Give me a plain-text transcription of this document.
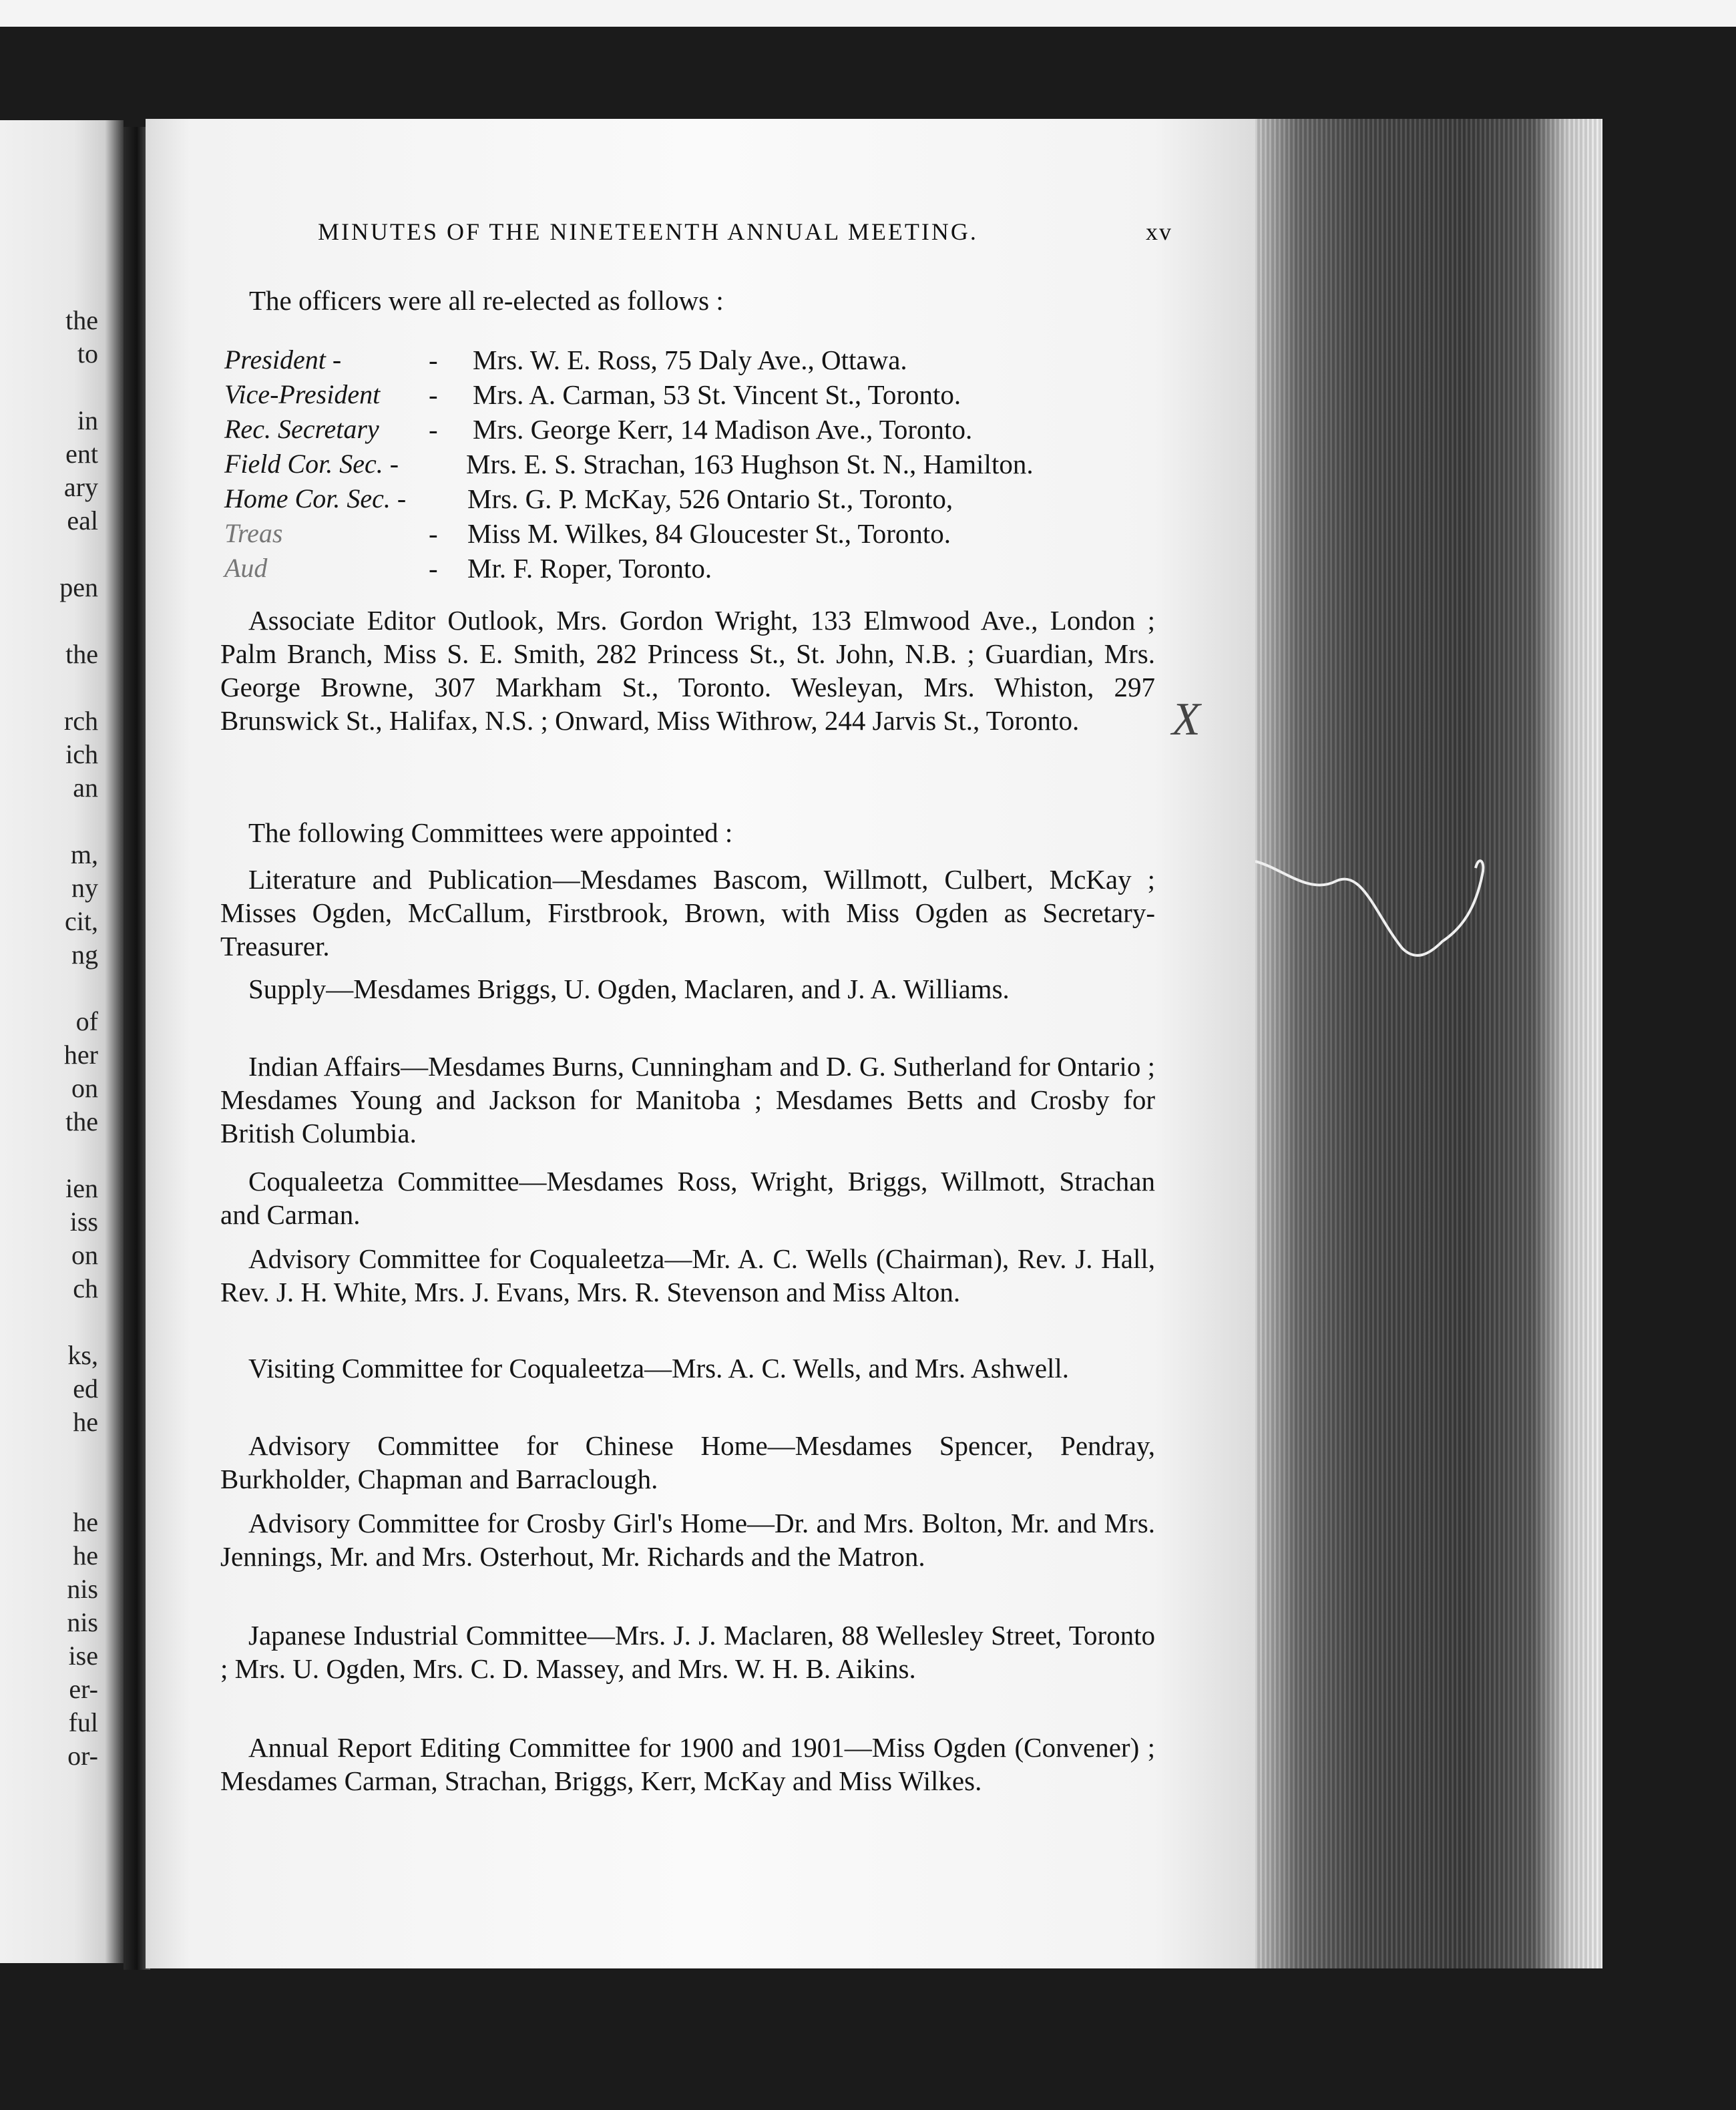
the
to
in
ent
ary
eal
pen
the
rch
ich
an
m,
ny
cit,
ng
of
her
on
the
ien
iss
on
ch
ks,
ed
he
he
he
nis
nis
ise
er-
ful
or-
MINUTES OF THE NINETEENTH ANNUAL MEETING.	xv
The officers were all re-elected as follows :
President -	- Mrs. W. E. Ross, 75 Daly Ave., Ottawa.
Vice-President - Mrs. A. Carman, 53 St. Vincent St., Toronto.
Rec. Secretary - Mrs. George Kerr, 14 Madison Ave., Toronto.
Field Cor. Sec. - Mrs. E. S. Strachan, 163 Hughson St. N., Hamilton.
Home Cor. Sec. - Mrs. G. P. McKay, 526 Ontario St., Toronto,
Treas	- Miss M. Wilkes, 84 Gloucester St., Toronto.
Aud	- Mr. F. Roper, Toronto.

Associate Editor Outlook, Mrs. Gordon Wright, 133 Elmwood Ave., London ; Palm Branch, Miss S. E. Smith, 282 Princess St., St. John, N.B. ; Guardian, Mrs. George Browne, 307 Markham St., Toronto. Wesleyan, Mrs. Whiston, 297 Brunswick St., Halifax, N.S. ; Onward, Miss Withrow, 244 Jarvis St., Toronto.

The following Committees were appointed :

Literature and Publication—Mesdames Bascom, Willmott, Culbert, McKay ; Misses Ogden, McCallum, Firstbrook, Brown, with Miss Ogden as Secretary-Treasurer.

Supply—Mesdames Briggs, U. Ogden, Maclaren, and J. A. Williams.

Indian Affairs—Mesdames Burns, Cunningham and D. G. Sutherland for Ontario ; Mesdames Young and Jackson for Manitoba ; Mesdames Betts and Crosby for British Columbia.

Coqualeetza Committee—Mesdames Ross, Wright, Briggs, Willmott, Strachan and Carman.

Advisory Committee for Coqualeetza—Mr. A. C. Wells (Chairman), Rev. J. Hall, Rev. J. H. White, Mrs. J. Evans, Mrs. R. Stevenson and Miss Alton.

Visiting Committee for Coqualeetza—Mrs. A. C. Wells, and Mrs. Ashwell.

Advisory Committee for Chinese Home—Mesdames Spencer, Pendray, Burkholder, Chapman and Barraclough.

Advisory Committee for Crosby Girl's Home—Dr. and Mrs. Bolton, Mr. and Mrs. Jennings, Mr. and Mrs. Osterhout, Mr. Richards and the Matron.

Japanese Industrial Committee—Mrs. J. J. Maclaren, 88 Wellesley Street, Toronto ; Mrs. U. Ogden, Mrs. C. D. Massey, and Mrs. W. H. B. Aikins.

Annual Report Editing Committee for 1900 and 1901—Miss Ogden (Convener) ; Mesdames Carman, Strachan, Briggs, Kerr, McKay and Miss Wilkes.

X
